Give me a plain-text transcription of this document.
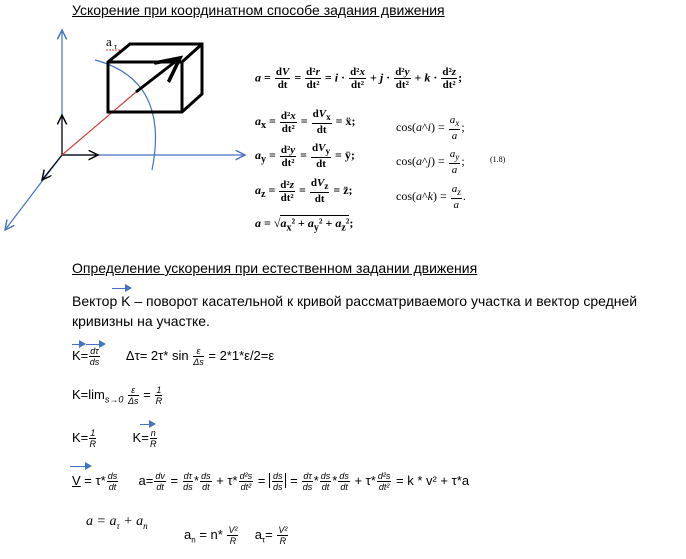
Ускорение при координатном способе задания движения
a τ
$a = \frac{dV}{dt} = \frac{\text{d²r}}{\text{dt²}} = i \cdot \frac{\text{d²x}}{\text{dt²}} + j \cdot \frac{\text{d²y}}{\text{dt²}} + k \cdot \frac{\text{d²z}}{\text{dt²}}$ ;
$a_x = \frac{\text{d²x}}{\text{dt²}} = \frac{dV_x}{dt}$ = ẍ;
$a_y = \frac{\text{d²y}}{\text{dt²}} = \frac{dV_y}{dt}$ = ÿ;
$a_z = \frac{\text{d²z}}{\text{dt²}} = \frac{dV_z}{dt}$ = z̈;
$a = √a_x^2 + a_y^2 + a_z^2$;
cos(a^i) = $\frac{a_x}{a}$ ;
cos(a^j) = $\frac{a_y}{a}$ ;
cos(a^k) = $\frac{a_z}{a}$ .
(1.8)
Определение ускорения при естественном задании движения
Вектор K – поворот касательной к кривой рассматриваемого участка и вектор средней кривизны на участке.
$K= \frac{d\tau}{ds} \Delta\tau= 2\tau*$ $\sin \frac{\varepsilon}{\Delta s} = 2*1*\varepsilon/2=\varepsilon$
$K=\lim_{s\to 0} \frac{\varepsilon}{\Delta s} = \frac{1}{R}$
$K= \frac{1}{R}$	$K= \frac{n}{R}$
$V = \tau* \frac{ds}{dt} a= \frac{dv}{dt} = \frac{d\tau}{ds} * \frac{ds}{dt} + \tau* \frac{\text{d²s}}{\text{dt²}} = \frac{ds}{ds} = \frac{d\tau}{ds} * \frac{ds}{dt} * \frac{ds}{dt} + \tau* \frac{\text{d²s}}{\text{dt²}} = k * v^2 + \tau*a$
$a = a_\tau + a_n$
$a_n = n* \frac{\text{V²}}{R} a_\tau= \frac{\text{V²}}{R}$
